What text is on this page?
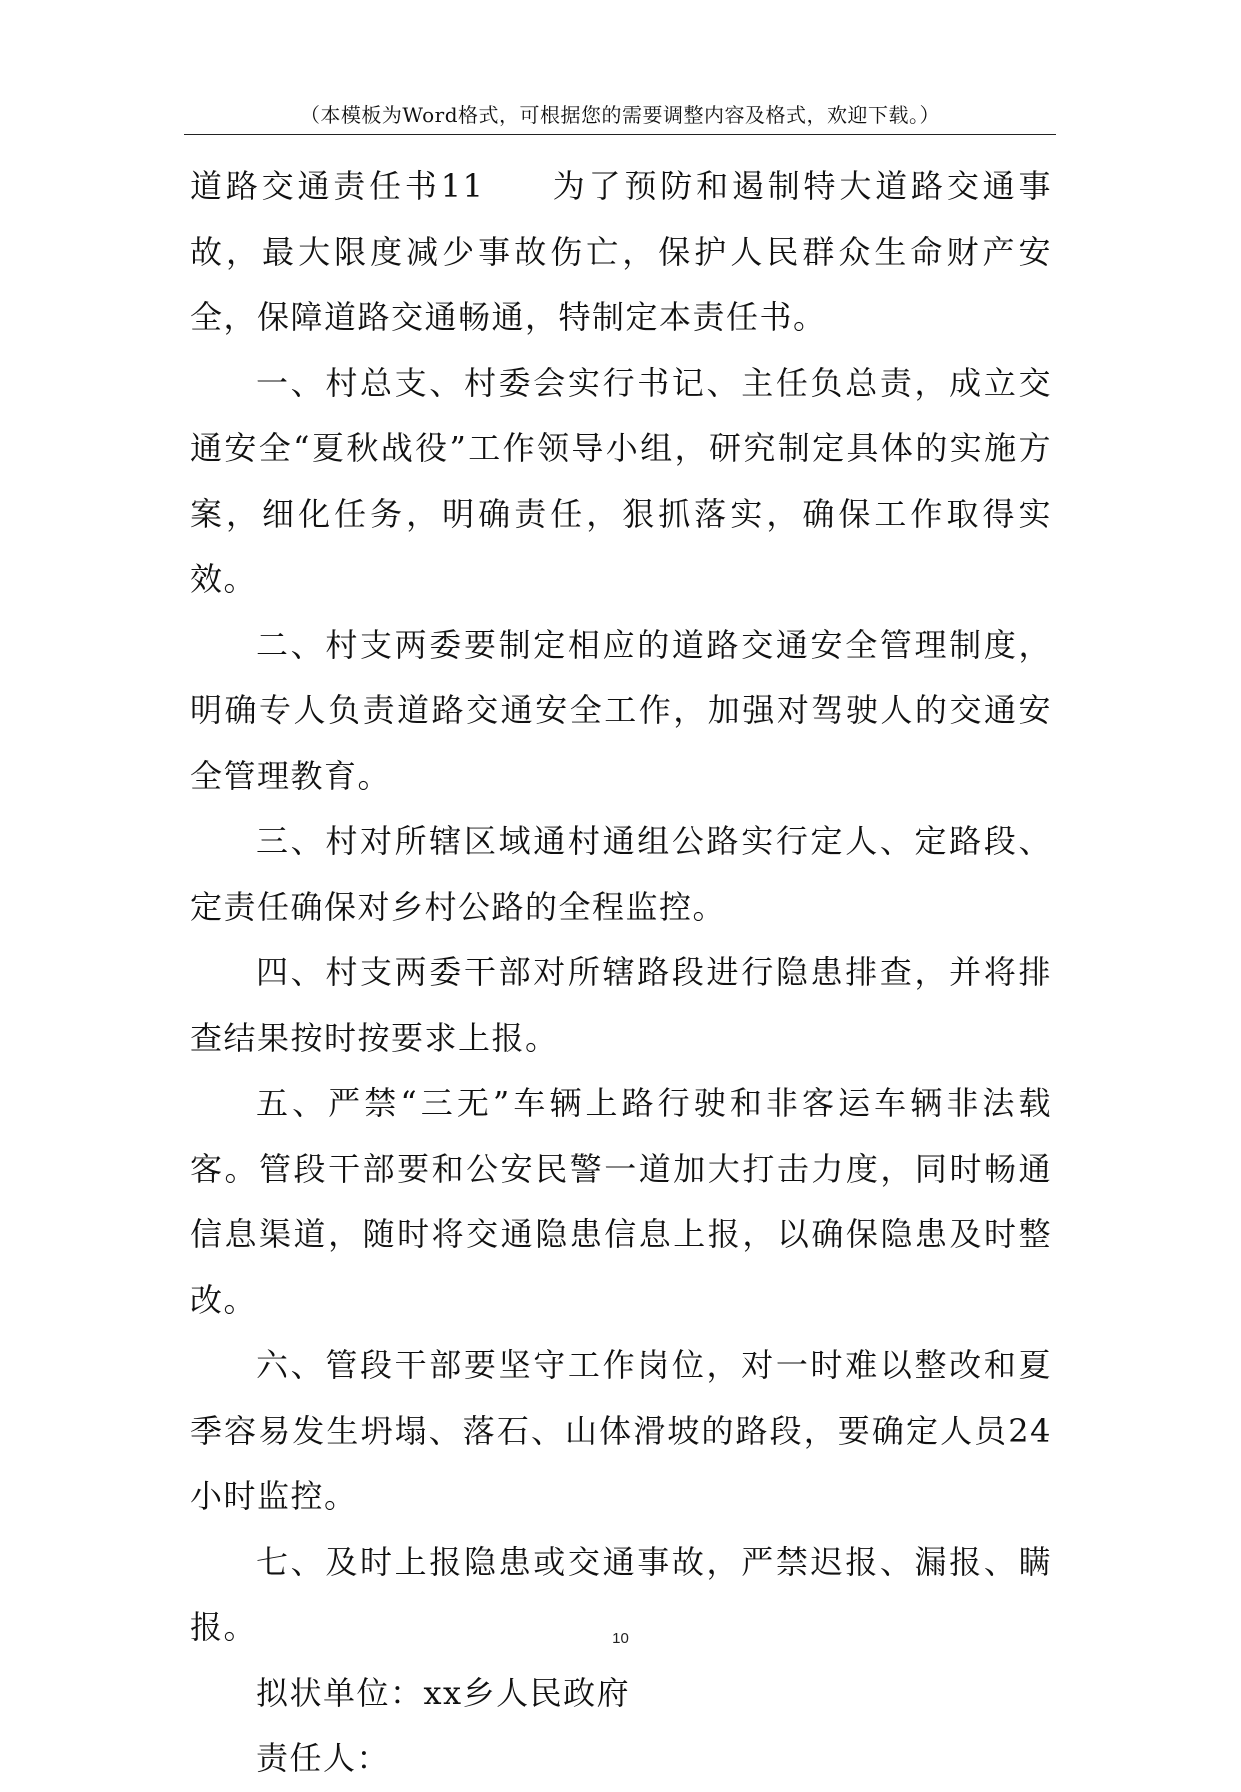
（本模板为Word格式，可根据您的需要调整内容及格式，欢迎下载。）

道路交通责任书11 为了预防和遏制特大道路交通事故，最大限度减少事故伤亡，保护人民群众生命财产安全，保障道路交通畅通，特制定本责任书。

一、村总支、村委会实行书记、主任负总责，成立交通安全“夏秋战役”工作领导小组，研究制定具体的实施方案，细化任务，明确责任，狠抓落实，确保工作取得实效。

二、村支两委要制定相应的道路交通安全管理制度，明确专人负责道路交通安全工作，加强对驾驶人的交通安全管理教育。

三、村对所辖区域通村通组公路实行定人、定路段、定责任确保对乡村公路的全程监控。

四、村支两委干部对所辖路段进行隐患排查，并将排查结果按时按要求上报。

五、严禁“三无”车辆上路行驶和非客运车辆非法载客。管段干部要和公安民警一道加大打击力度，同时畅通信息渠道，随时将交通隐患信息上报，以确保隐患及时整改。

六、管段干部要坚守工作岗位，对一时难以整改和夏季容易发生坍塌、落石、山体滑坡的路段，要确定人员24小时监控。

七、及时上报隐患或交通事故，严禁迟报、漏报、瞒报。

拟状单位：xx乡人民政府

责任人：

10
